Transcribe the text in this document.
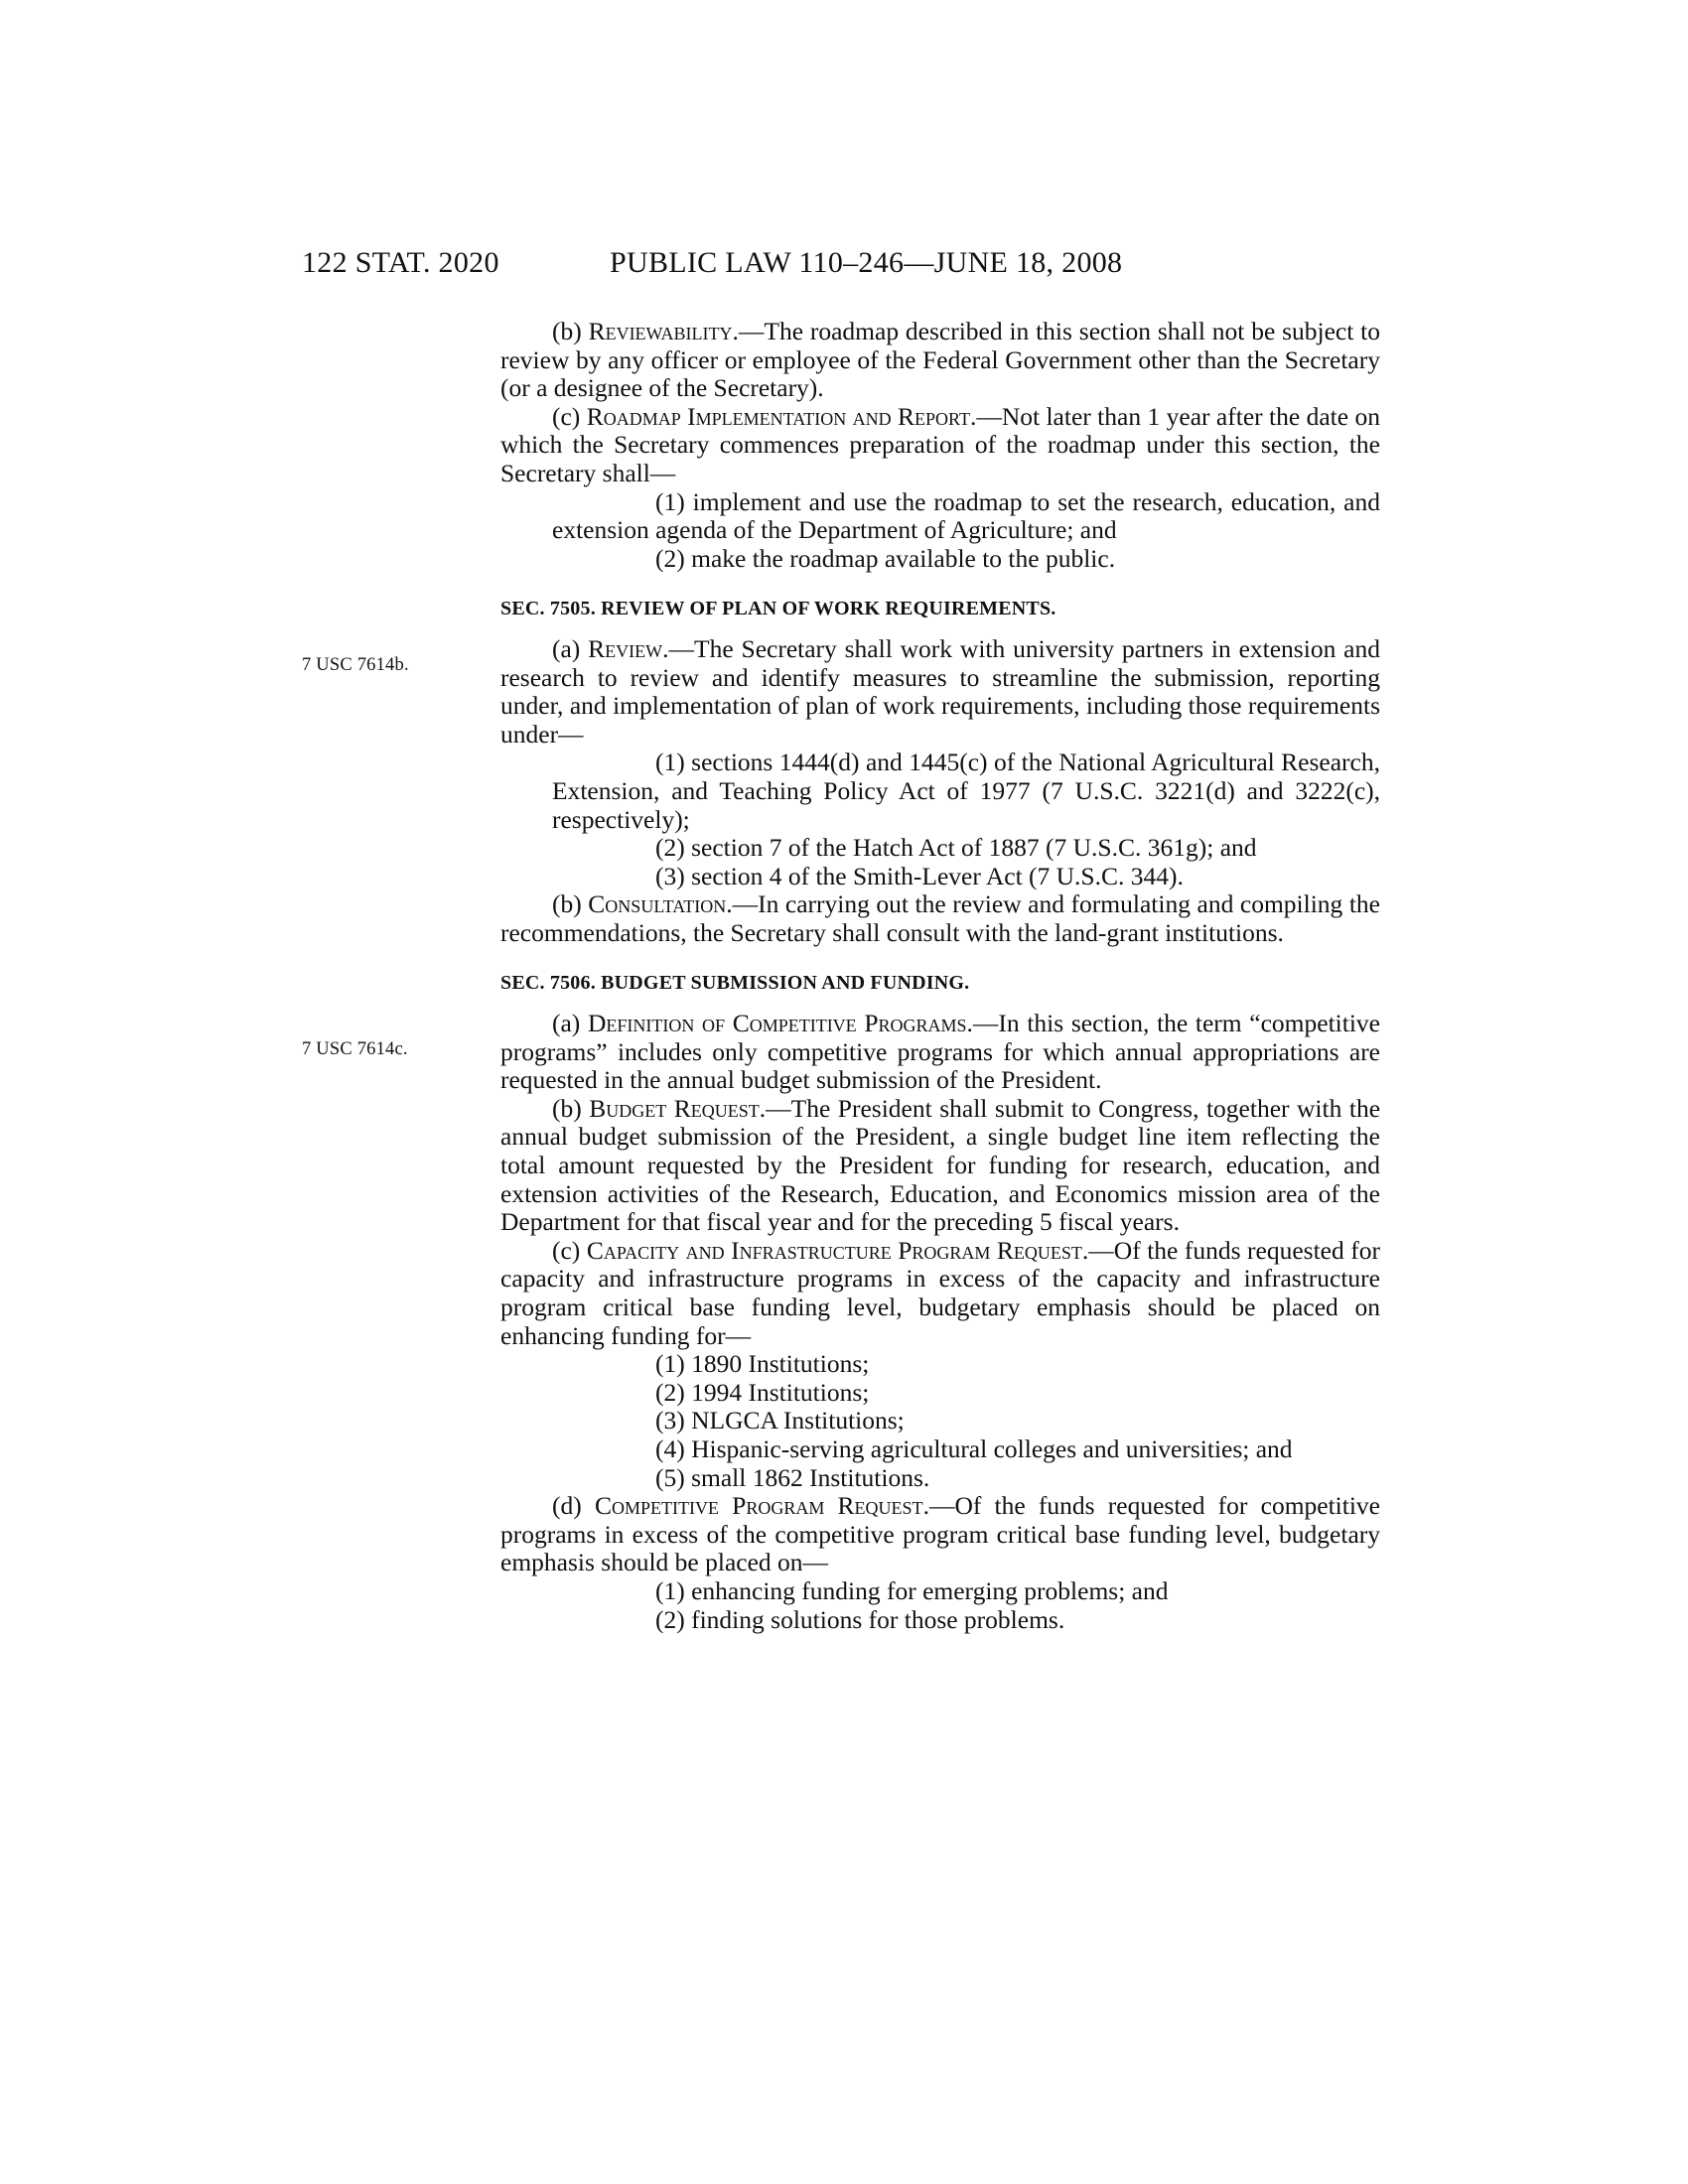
122 STAT. 2020	PUBLIC LAW 110–246—JUNE 18, 2008
7 USC 7614b.
7 USC 7614c.

(b) Reviewability.—The roadmap described in this section shall not be subject to review by any officer or employee of the Federal Government other than the Secretary (or a designee of the Secretary).

(c) Roadmap Implementation and Report.—Not later than 1 year after the date on which the Secretary commences preparation of the roadmap under this section, the Secretary shall—

(1) implement and use the roadmap to set the research, education, and extension agenda of the Department of Agriculture; and

(2) make the roadmap available to the public.

SEC. 7505. REVIEW OF PLAN OF WORK REQUIREMENTS.

(a) Review.—The Secretary shall work with university partners in extension and research to review and identify measures to streamline the submission, reporting under, and implementation of plan of work requirements, including those requirements under—

(1) sections 1444(d) and 1445(c) of the National Agricultural Research, Extension, and Teaching Policy Act of 1977 (7 U.S.C. 3221(d) and 3222(c), respectively);

(2) section 7 of the Hatch Act of 1887 (7 U.S.C. 361g); and

(3) section 4 of the Smith-Lever Act (7 U.S.C. 344).

(b) Consultation.—In carrying out the review and formulating and compiling the recommendations, the Secretary shall consult with the land-grant institutions.

SEC. 7506. BUDGET SUBMISSION AND FUNDING.

(a) Definition of Competitive Programs.—In this section, the term “competitive programs” includes only competitive programs for which annual appropriations are requested in the annual budget submission of the President.

(b) Budget Request.—The President shall submit to Congress, together with the annual budget submission of the President, a single budget line item reflecting the total amount requested by the President for funding for research, education, and extension activities of the Research, Education, and Economics mission area of the Department for that fiscal year and for the preceding 5 fiscal years.

(c) Capacity and Infrastructure Program Request.—Of the funds requested for capacity and infrastructure programs in excess of the capacity and infrastructure program critical base funding level, budgetary emphasis should be placed on enhancing funding for—

(1) 1890 Institutions;

(2) 1994 Institutions;

(3) NLGCA Institutions;

(4) Hispanic-serving agricultural colleges and universities; and

(5) small 1862 Institutions.

(d) Competitive Program Request.—Of the funds requested for competitive programs in excess of the competitive program critical base funding level, budgetary emphasis should be placed on—

(1) enhancing funding for emerging problems; and

(2) finding solutions for those problems.
